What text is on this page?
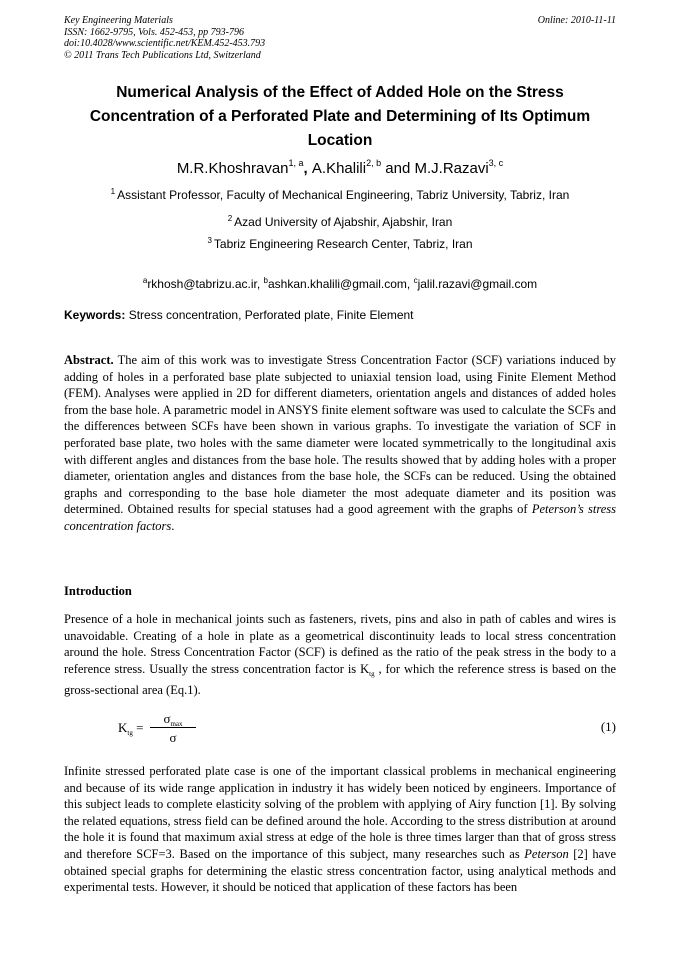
Key Engineering Materials
ISSN: 1662-9795, Vols. 452-453, pp 793-796
doi:10.4028/www.scientific.net/KEM.452-453.793
© 2011 Trans Tech Publications Ltd, Switzerland
Online: 2010-11-11
Numerical Analysis of the Effect of Added Hole on the Stress
Concentration of a Perforated Plate and Determining of Its Optimum
Location
M.R.Khoshravan$^{1, a}$, A.Khalili$^{2, b}$ and M.J.Razavi$^{3, c}$
$^1$ Assistant Professor, Faculty of Mechanical Engineering, Tabriz University, Tabriz, Iran
$^2$ Azad University of Ajabshir, Ajabshir, Iran
$^3$ Tabriz Engineering Research Center, Tabriz, Iran
$^a$rkhosh@tabrizu.ac.ir, $^b$ashkan.khalili@gmail.com, $^c$jalil.razavi@gmail.com
Keywords: Stress concentration, Perforated plate, Finite Element
Abstract. The aim of this work was to investigate Stress Concentration Factor (SCF) variations induced by adding of holes in a perforated base plate subjected to uniaxial tension load, using Finite Element Method (FEM). Analyses were applied in 2D for different diameters, orientation angels and distances of added holes from the base hole. A parametric model in ANSYS finite element software was used to calculate the SCFs and the differences between SCFs have been shown in various graphs. To investigate the variation of SCF in perforated base plate, two holes with the same diameter were located symmetrically to the longitudinal axis with different angles and distances from the base hole. The results showed that by adding holes with a proper diameter, orientation angles and distances from the base hole, the SCFs can be reduced. Using the obtained graphs and corresponding to the base hole diameter the most adequate diameter and its position was determined. Obtained results for special statuses had a good agreement with the graphs of Peterson’s stress concentration factors.
Introduction
Presence of a hole in mechanical joints such as fasteners, rivets, pins and also in path of cables and wires is unavoidable. Creating of a hole in plate as a geometrical discontinuity leads to local stress concentration around the hole. Stress Concentration Factor (SCF) is defined as the ratio of the peak stress in the body to a reference stress. Usually the stress concentration factor is $K_{tg}$ , for which the reference stress is based on the gross-sectional area (Eq.1).
$K_{tg}$ =
$\sigma_{max}$
σ
(1)
Infinite stressed perforated plate case is one of the important classical problems in mechanical engineering and because of its wide range application in industry it has widely been noticed by engineers. Importance of this subject leads to complete elasticity solving of the problem with applying of Airy function [1]. By solving the related equations, stress field can be defined around the hole. According to the stress distribution at around the hole it is found that maximum axial stress at edge of the hole is three times larger than that of gross stress and therefore SCF=3. Based on the importance of this subject, many researches such as Peterson [2] have obtained special graphs for determining the elastic stress concentration factor, using analytical methods and experimental tests. However, it should be noticed that application of these factors has been
